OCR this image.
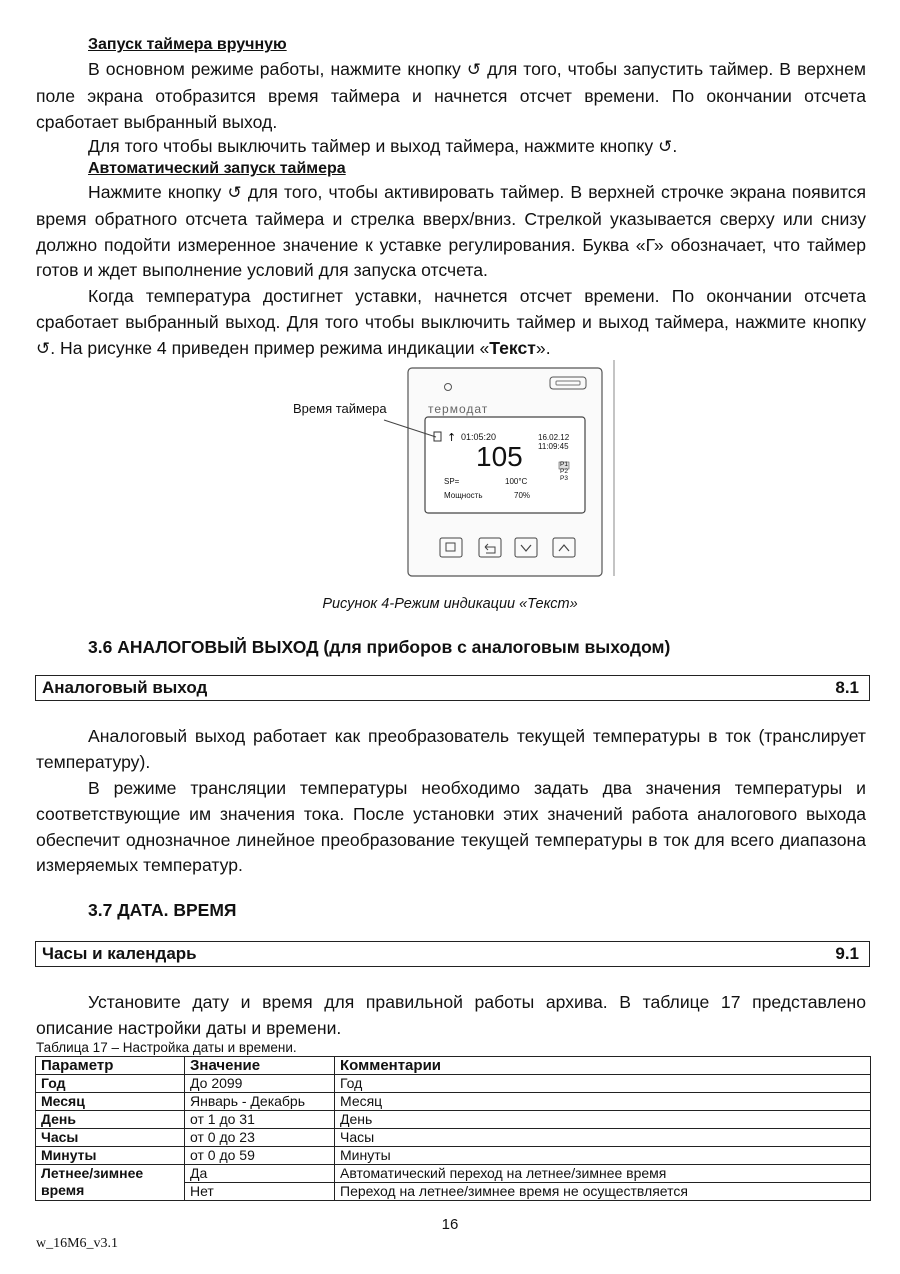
Запуск таймера вручную
В основном режиме работы, нажмите кнопку ↺ для того, чтобы запустить таймер. В верхнем поле экрана отобразится время таймера и начнется отсчет времени. По окончании отсчета сработает выбранный выход.
Для того чтобы выключить таймер и выход таймера, нажмите кнопку ↺.
Автоматический запуск таймера
Нажмите кнопку ↺ для того, чтобы активировать таймер. В верхней строчке экрана появится время обратного отсчета таймера и стрелка вверх/вниз. Стрелкой указывается сверху или снизу должно подойти измеренное значение к уставке регулирования. Буква «Г» обозначает, что таймер готов и ждет выполнение условий для запуска отсчета.
Когда температура достигнет уставки, начнется отсчет времени. По окончании отсчета сработает выбранный выход. Для того чтобы выключить таймер и выход таймера, нажмите кнопку ↺. На рисунке 4 приведен пример режима индикации «Текст».
↑
Время таймера	термодат
01:05:20	16.02.12
11:09:45
105	P1
P2
P3
SP=	100°C
Мощность	70%
Рисунок 4-Режим индикации «Текст»
3.6 АНАЛОГОВЫЙ ВЫХОД (для приборов с аналоговым выходом)
Аналоговый выход	8.1
Аналоговый выход работает как преобразователь текущей температуры в ток (транслирует температуру).
В режиме трансляции температуры необходимо задать два значения температуры и соответствующие им значения тока. После установки этих значений работа аналогового выхода обеспечит однозначное линейное преобразование текущей температуры в ток для всего диапазона измеряемых температур.
3.7 ДАТА. ВРЕМЯ
Часы и календарь	9.1
Установите дату и время для правильной работы архива. В таблице 17 представлено описание настройки даты и времени.
Таблица 17 – Настройка даты и времени.
Параметр	Значение	Комментарии
Год	До 2099	Год
Месяц	Январь - Декабрь	Месяц
День	от 1 до 31	День
Часы	от 0 до 23	Часы
Минуты	от 0 до 59	Минуты
Летнее/зимнее время	Да	Автоматический переход на летнее/зимнее время
	Нет	Переход на летнее/зимнее время не осуществляется
16
w_16M6_v3.1
